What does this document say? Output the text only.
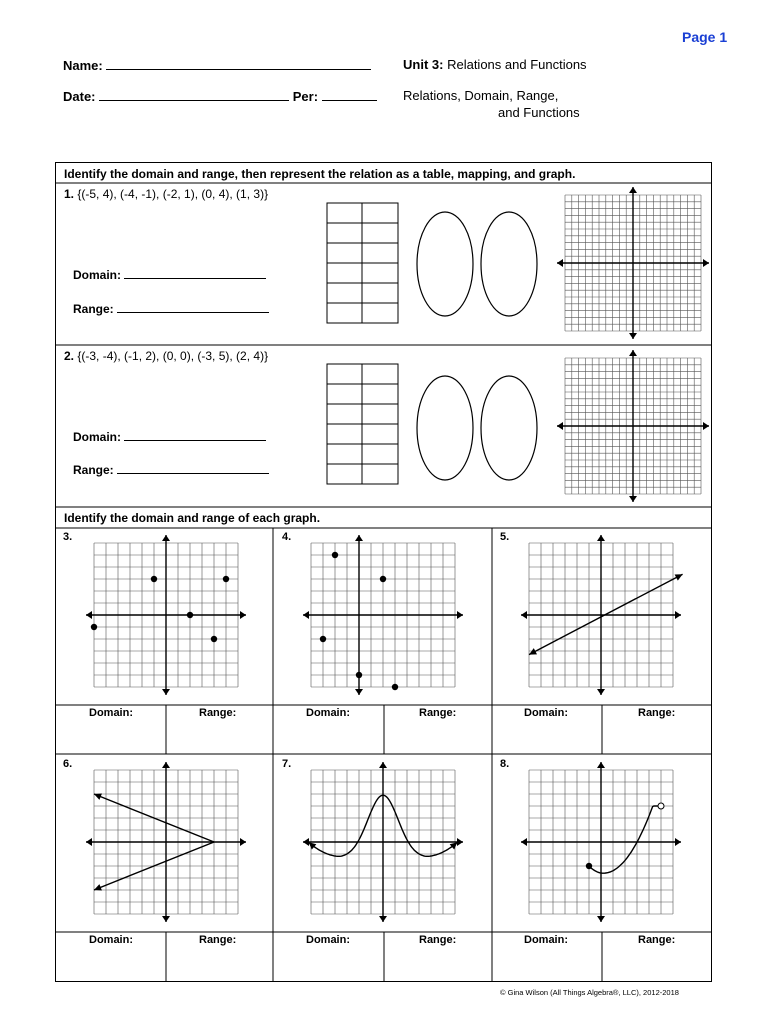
Page 1
Name:	Unit 3: Relations and Functions
Date:	Per:	Relations, Domain, Range,
and Functions
Identify the domain and range, then represent the relation as a table, mapping, and graph.
1. {(-5, 4), (-4, -1), (-2, 1), (0, 4), (1, 3)}
Domain:
Range:
2. {(-3, -4), (-1, 2), (0, 0), (-3, 5), (2, 4)}
Domain:
Range:
Identify the domain and range of each graph.
3.	4.	5.
6.	7.	8.
Domain:	Range:	Domain:	Range:	Domain:	Range:
Domain:	Range:	Domain:	Range:	Domain:	Range:
© Gina Wilson (All Things Algebra®, LLC), 2012-2018
